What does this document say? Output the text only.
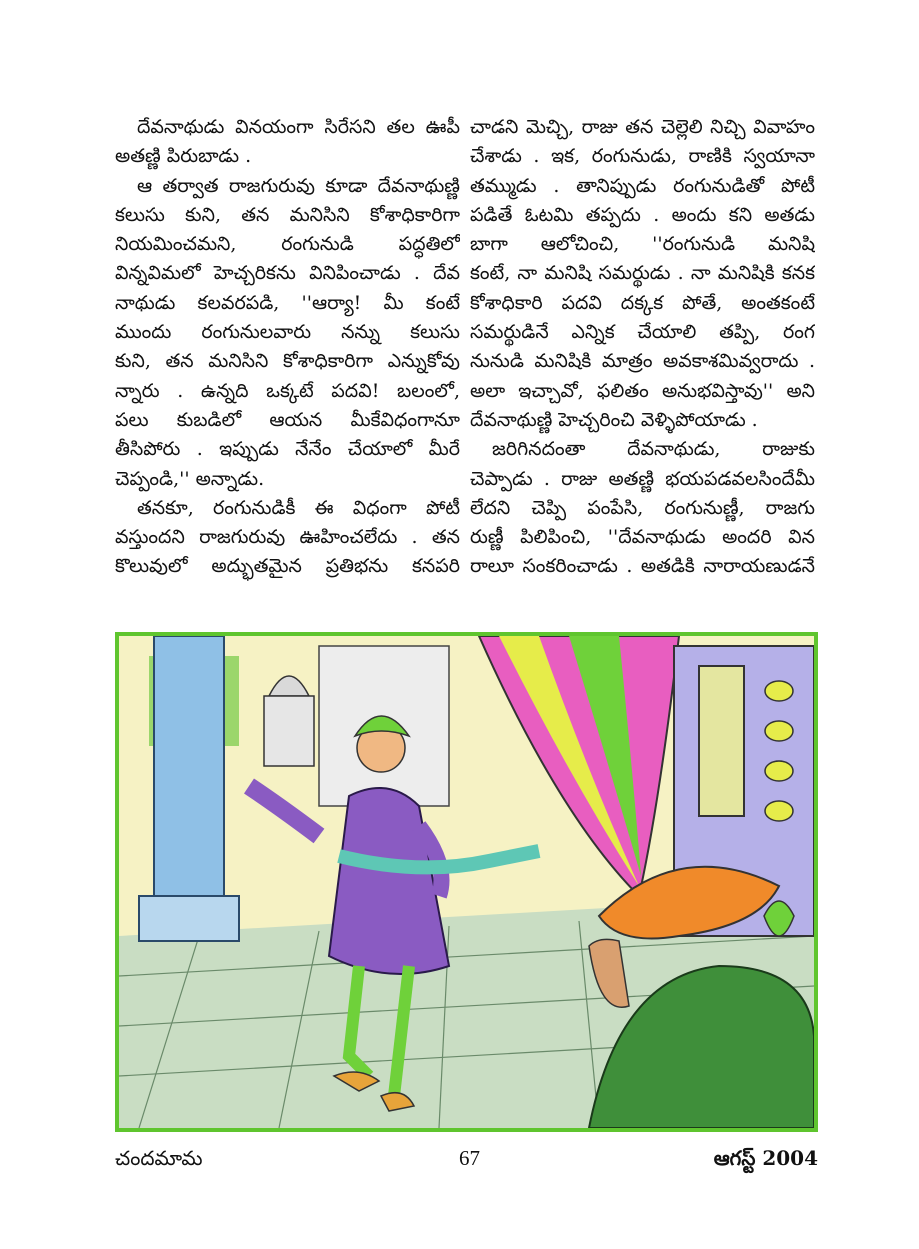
దేవనాథుడు వినయంగా సిరేసని తల ఊపీ
అతణ్ణి పిరుబాడు .
ఆ తర్వాత రాజగురువు కూడా దేవనాథుణ్ణి
కలుసు కుని, తన మనిసిని కోశాధికారిగా
నియమించమని, రంగునుడి పద్ధతిలో
విన్నవిమలో హెచ్చరికను వినిపించాడు . దేవ
నాథుడు కలవరపడి, ''ఆర్యా! మీ కంటే
ముందు రంగునులవారు నన్ను కలుసు
కుని, తన మనిసిని కోశాధికారిగా ఎన్నుకోవు
న్నారు . ఉన్నది ఒక్కటే పదవి! బలంలో,
పలు కుబడిలో ఆయన మీకేవిధంగానూ
తీసిపోరు . ఇప్పుడు నేనేం చేయాలో మీరే
చెప్పండి,'' అన్నాడు.
తనకూ, రంగునుడికీ ఈ విధంగా పోటీ
వస్తుందని రాజగురువు ఊహించలేదు . తన
కొలువులో అద్భుతమైన ప్రతిభను కనపరి
చాడని మెచ్చి, రాజు తన చెల్లెలి నిచ్చి వివాహం
చేశాడు . ఇక, రంగునుడు, రాణికి స్వయానా
తమ్ముడు . తానిప్పుడు రంగునుడితో పోటీ
పడితే ఓటమి తప్పదు . అందు కని అతడు
బాగా ఆలోచించి, ''రంగునుడి మనిషి
కంటే, నా మనిషి సమర్థుడు . నా మనిషికి కనక
కోశాధికారి పదవి దక్కక పోతే, అంతకంటే
సమర్థుడినే ఎన్నిక చేయాలి తప్పి, రంగ
నునుడి మనిషికి మాత్రం అవకాశమివ్వరాదు .
అలా ఇచ్చావో, ఫలితం అనుభవిస్తావు'' అని
దేవనాథుణ్ణి హెచ్చరించి వెళ్ళిపోయాడు .
జరిగినదంతా దేవనాథుడు, రాజుకు
చెప్పాడు . రాజు అతణ్ణి భయపడవలసిందేమీ
లేదని చెప్పి పంపేసి, రంగునుణ్ణీ, రాజగు
రుణ్ణీ పిలిపించి, ''దేవనాథుడు అందరి విన
రాలూ సంకరించాడు . అతడికి నారాయణుడనే
చందమామ	67	ఆగస్ట్ 2004
